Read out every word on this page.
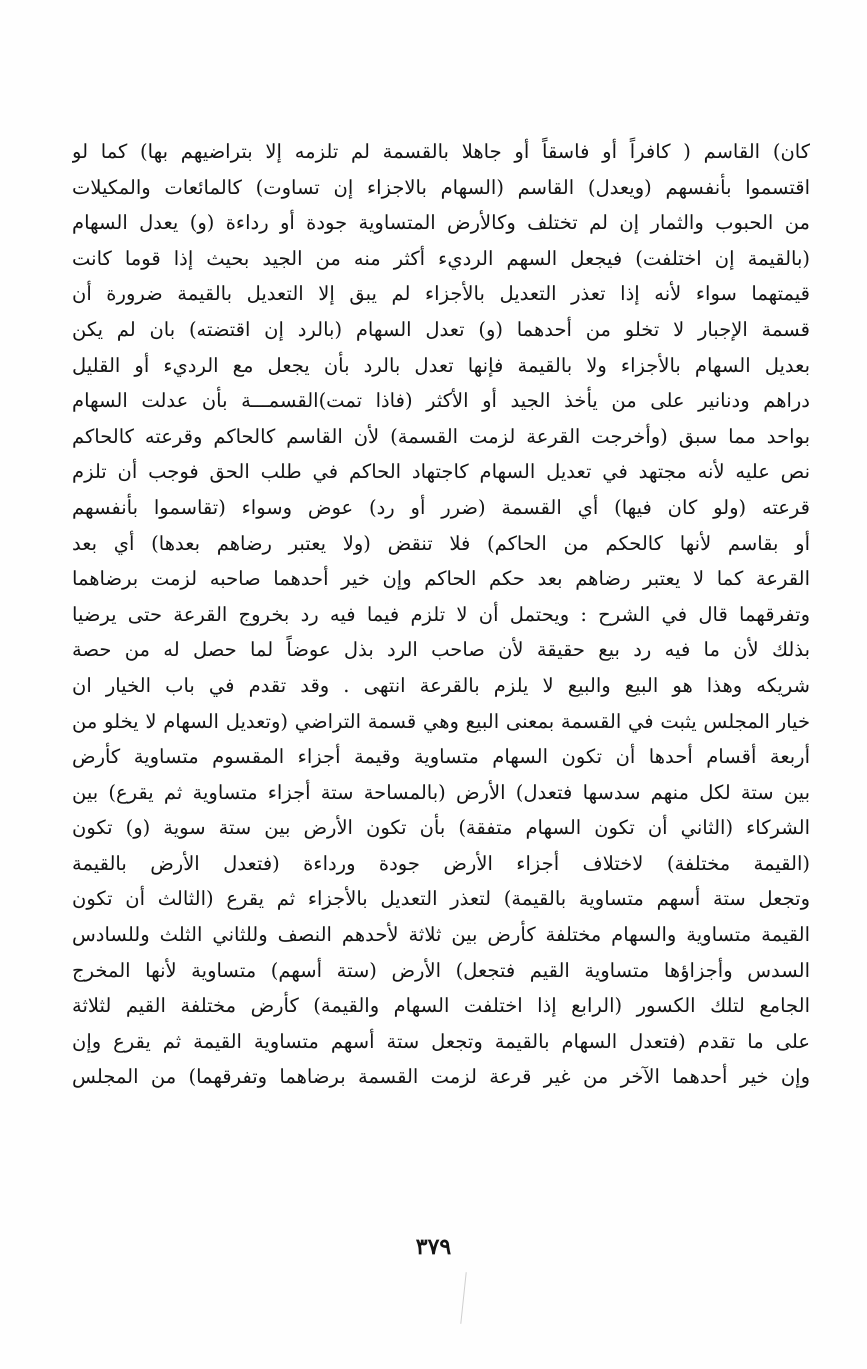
كان) القاسم ( كافراً أو فاسقاً أو جاهلا بالقسمة لم تلزمه إلا بتراضيهم بها) كما لو
اقتسموا بأنفسهم (ويعدل) القاسم (السهام بالاجزاء إن تساوت) كالمائعات والمكيلات
من الحبوب والثمار إن لم تختلف وكالأرض المتساوية جودة أو رداءة (و) يعدل السهام
(بالقيمة إن اختلفت) فيجعل السهم الرديء أكثر منه من الجيد بحيث إذا قوما كانت
قيمتهما سواء لأنه إذا تعذر التعديل بالأجزاء لم يبق إلا التعديل بالقيمة ضرورة أن
قسمة الإجبار لا تخلو من أحدهما (و) تعدل السهام (بالرد إن اقتضته) بان لم يكن
بعديل السهام بالأجزاء ولا بالقيمة فإنها تعدل بالرد بأن يجعل مع الرديء أو القليل
دراهم ودنانير على من يأخذ الجيد أو الأكثر (فاذا تمت)القسمـــة بأن عدلت السهام
بواحد مما سبق (وأخرجت القرعة لزمت القسمة) لأن القاسم كالحاكم وقرعته كالحاكم
نص عليه لأنه مجتهد في تعديل السهام كاجتهاد الحاكم في طلب الحق فوجب أن تلزم
قرعته (ولو كان فيها) أي القسمة (ضرر أو رد) عوض وسواء (تقاسموا بأنفسهم
أو بقاسم لأنها كالحكم من الحاكم) فلا تنقض (ولا يعتبر رضاهم بعدها) أي بعد
القرعة كما لا يعتبر رضاهم بعد حكم الحاكم وإن خير أحدهما صاحبه لزمت برضاهما
وتفرقهما قال في الشرح : ويحتمل أن لا تلزم فيما فيه رد بخروج القرعة حتى يرضيا
بذلك لأن ما فيه رد بيع حقيقة لأن صاحب الرد بذل عوضاً لما حصل له من حصة
شريكه وهذا هو البيع والبيع لا يلزم بالقرعة انتهى . وقد تقدم في باب الخيار ان
خيار المجلس يثبت في القسمة بمعنى البيع وهي قسمة التراضي (وتعديل السهام لا يخلو من
أربعة أقسام أحدها أن تكون السهام متساوية وقيمة أجزاء المقسوم متساوية كأرض
بين ستة لكل منهم سدسها فتعدل) الأرض (بالمساحة ستة أجزاء متساوية ثم يقرع) بين
الشركاء (الثاني أن تكون السهام متفقة) بأن تكون الأرض بين ستة سوية (و) تكون
(القيمة مختلفة) لاختلاف أجزاء الأرض جودة ورداءة (فتعدل الأرض بالقيمة
وتجعل ستة أسهم متساوية بالقيمة) لتعذر التعديل بالأجزاء ثم يقرع (الثالث أن تكون
القيمة متساوية والسهام مختلفة كأرض بين ثلاثة لأحدهم النصف وللثاني الثلث وللسادس
السدس وأجزاؤها متساوية القيم فتجعل) الأرض (ستة أسهم) متساوية لأنها المخرج
الجامع لتلك الكسور (الرابع إذا اختلفت السهام والقيمة) كأرض مختلفة القيم لثلاثة
على ما تقدم (فتعدل السهام بالقيمة وتجعل ستة أسهم متساوية القيمة ثم يقرع وإن
وإن خير أحدهما الآخر من غير قرعة لزمت القسمة برضاهما وتفرقهما) من المجلس
٣٧٩
